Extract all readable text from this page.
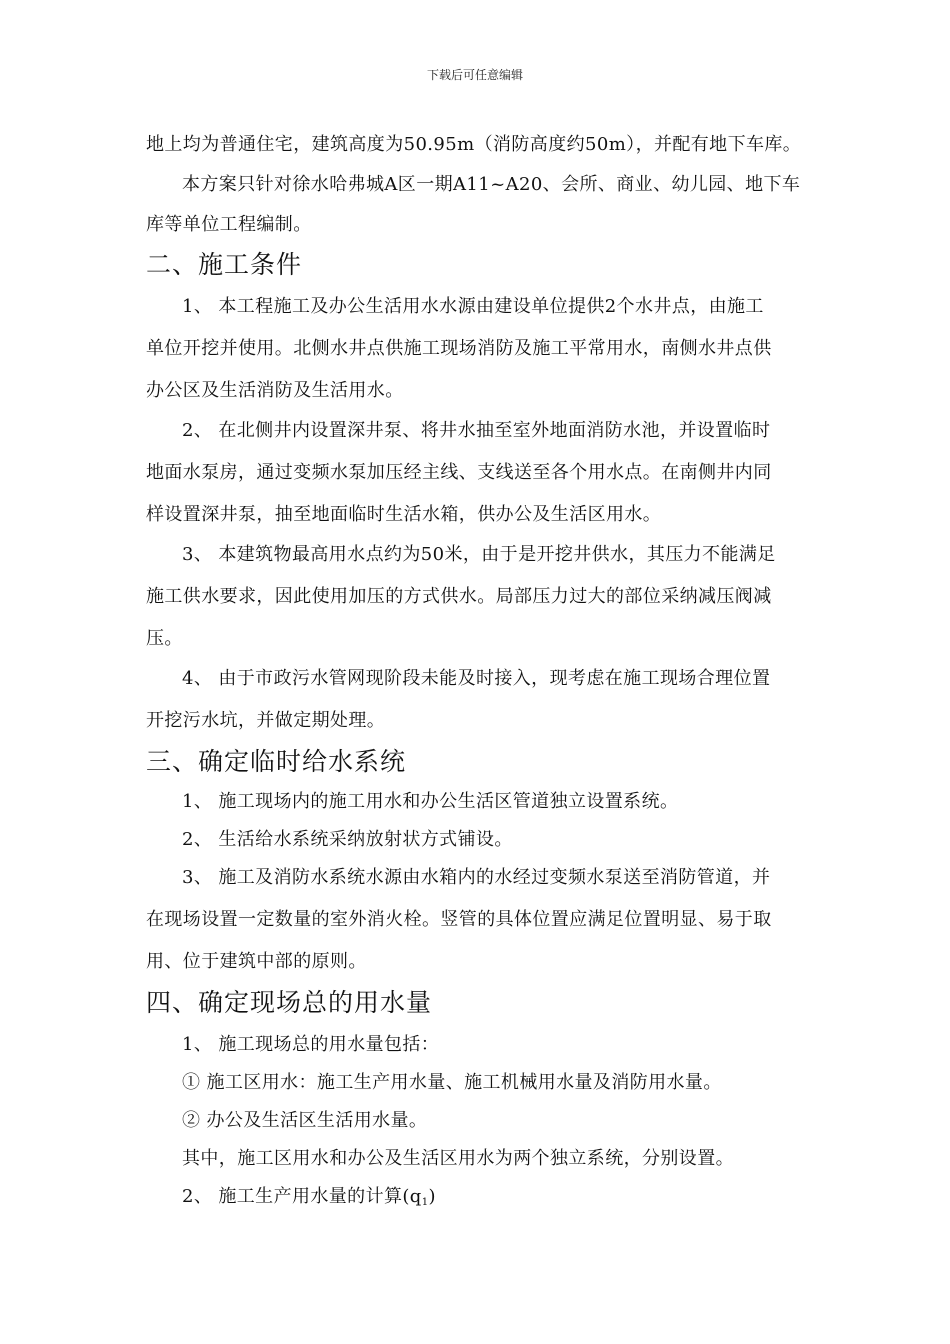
下载后可任意编辑
地上均为普通住宅，建筑高度为50.95m（消防高度约50m），并配有地下车库。
本方案只针对徐水哈弗城A区一期A11~A20、会所、商业、幼儿园、地下车
库等单位工程编制。
二、施工条件
1、 本工程施工及办公生活用水水源由建设单位提供2个水井点，由施工
单位开挖并使用。北侧水井点供施工现场消防及施工平常用水，南侧水井点供
办公区及生活消防及生活用水。
2、 在北侧井内设置深井泵、将井水抽至室外地面消防水池，并设置临时
地面水泵房，通过变频水泵加压经主线、支线送至各个用水点。在南侧井内同
样设置深井泵，抽至地面临时生活水箱，供办公及生活区用水。
3、 本建筑物最高用水点约为50米，由于是开挖井供水，其压力不能满足
施工供水要求，因此使用加压的方式供水。局部压力过大的部位采纳减压阀减
压。
4、 由于市政污水管网现阶段未能及时接入，现考虑在施工现场合理位置
开挖污水坑，并做定期处理。
三、确定临时给水系统
1、 施工现场内的施工用水和办公生活区管道独立设置系统。
2、 生活给水系统采纳放射状方式铺设。
3、 施工及消防水系统水源由水箱内的水经过变频水泵送至消防管道，并
在现场设置一定数量的室外消火栓。竖管的具体位置应满足位置明显、易于取
用、位于建筑中部的原则。
四、确定现场总的用水量
1、 施工现场总的用水量包括：
① 施工区用水：施工生产用水量、施工机械用水量及消防用水量。
② 办公及生活区生活用水量。
其中，施工区用水和办公及生活区用水为两个独立系统，分别设置。
2、 施工生产用水量的计算$(q_1)$
